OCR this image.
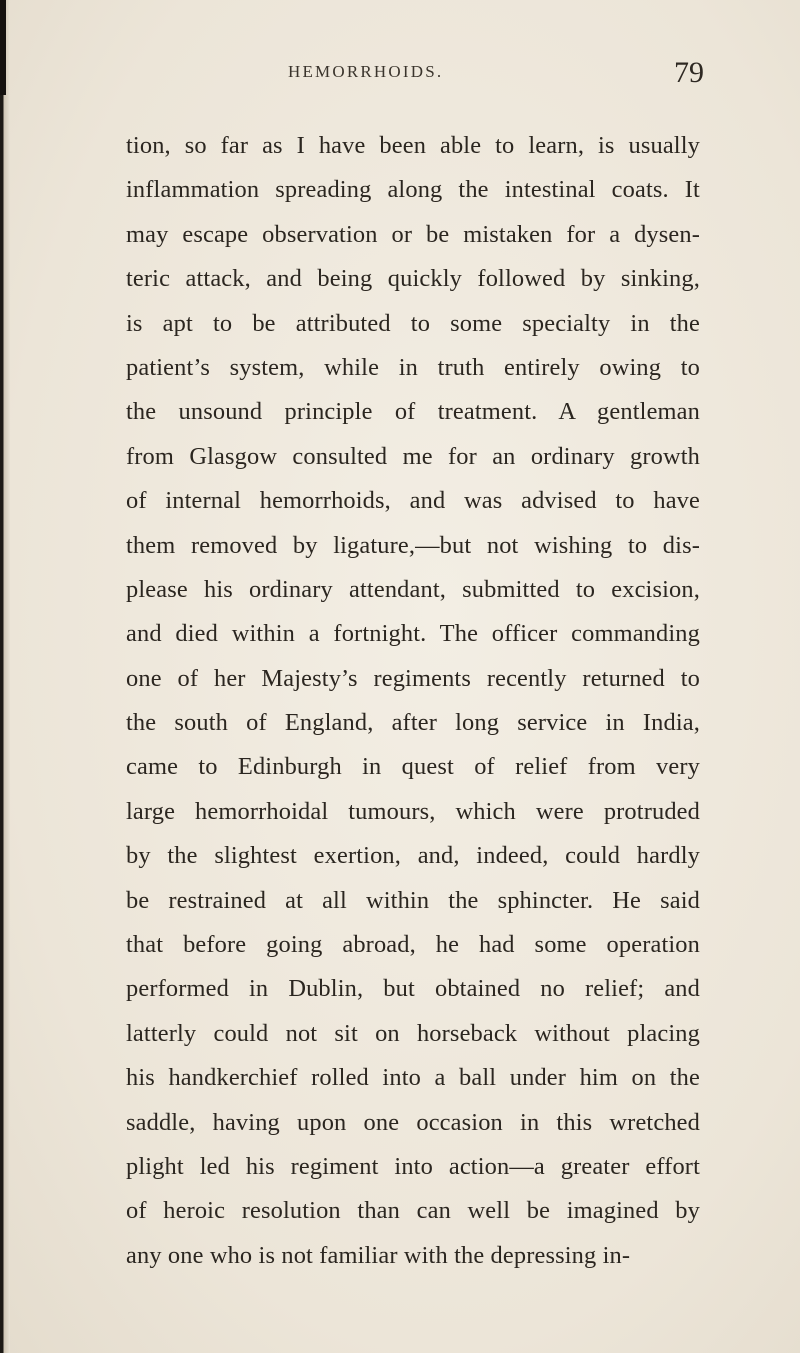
HEMORRHOIDS.	79
tion, so far as I have been able to learn, is usually
inflammation spreading along the intestinal coats. It
may escape observation or be mistaken for a dysen-
teric attack, and being quickly followed by sinking,
is apt to be attributed to some specialty in the
patient’s system, while in truth entirely owing to
the unsound principle of treatment. A gentleman
from Glasgow consulted me for an ordinary growth
of internal hemorrhoids, and was advised to have
them removed by ligature,—but not wishing to dis-
please his ordinary attendant, submitted to excision,
and died within a fortnight. The officer commanding
one of her Majesty’s regiments recently returned to
the south of England, after long service in India,
came to Edinburgh in quest of relief from very
large hemorrhoidal tumours, which were protruded
by the slightest exertion, and, indeed, could hardly
be restrained at all within the sphincter. He said
that before going abroad, he had some operation
performed in Dublin, but obtained no relief; and
latterly could not sit on horseback without placing
his handkerchief rolled into a ball under him on the
saddle, having upon one occasion in this wretched
plight led his regiment into action—a greater effort
of heroic resolution than can well be imagined by
any one who is not familiar with the depressing in-
